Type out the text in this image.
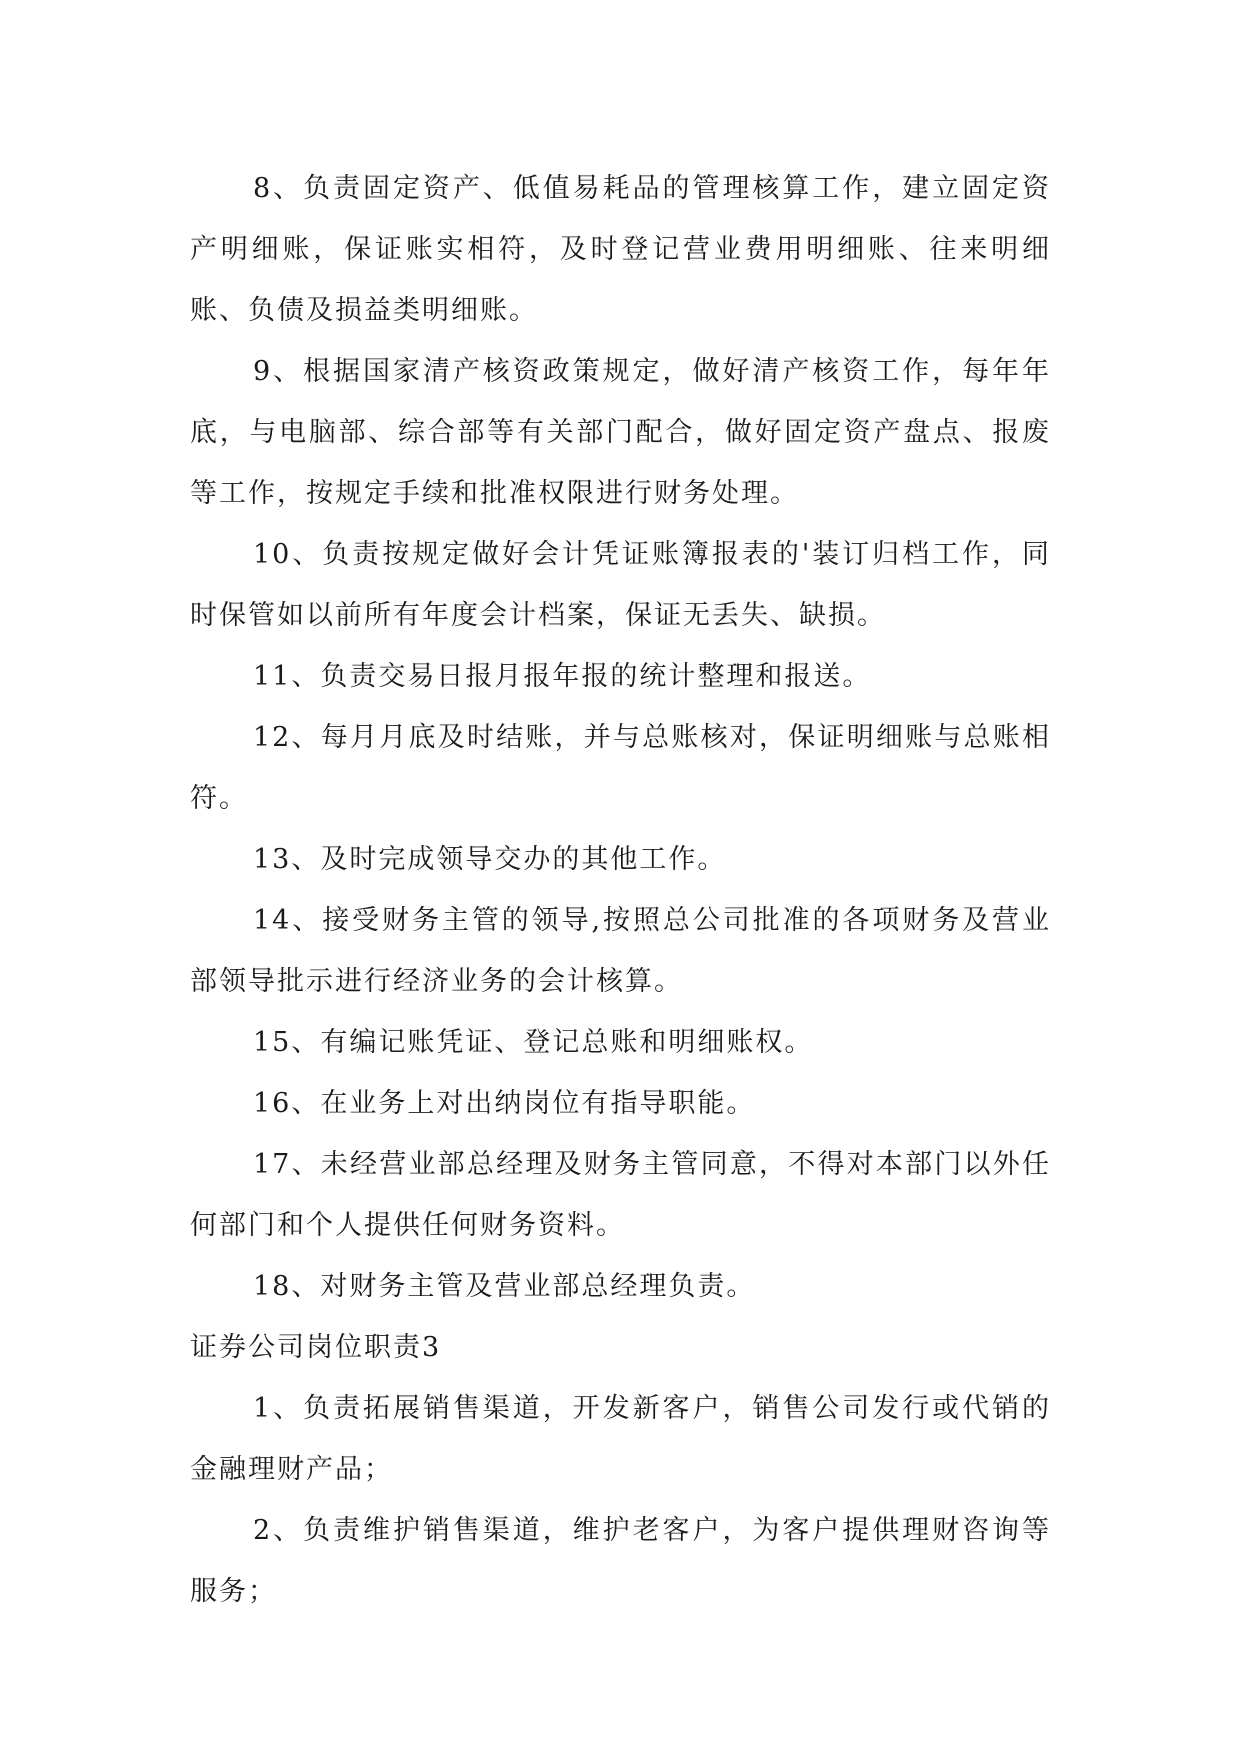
8、负责固定资产、低值易耗品的管理核算工作，建立固定资产明细账，保证账实相符，及时登记营业费用明细账、往来明细账、负债及损益类明细账。

9、根据国家清产核资政策规定，做好清产核资工作，每年年底，与电脑部、综合部等有关部门配合，做好固定资产盘点、报废等工作，按规定手续和批准权限进行财务处理。

10、负责按规定做好会计凭证账簿报表的'装订归档工作，同时保管如以前所有年度会计档案，保证无丢失、缺损。

11、负责交易日报月报年报的统计整理和报送。

12、每月月底及时结账，并与总账核对，保证明细账与总账相符。

13、及时完成领导交办的其他工作。

14、接受财务主管的领导,按照总公司批准的各项财务及营业部领导批示进行经济业务的会计核算。

15、有编记账凭证、登记总账和明细账权。

16、在业务上对出纳岗位有指导职能。

17、未经营业部总经理及财务主管同意，不得对本部门以外任何部门和个人提供任何财务资料。

18、对财务主管及营业部总经理负责。

证券公司岗位职责3

1、负责拓展销售渠道，开发新客户，销售公司发行或代销的金融理财产品；

2、负责维护销售渠道，维护老客户，为客户提供理财咨询等服务；
